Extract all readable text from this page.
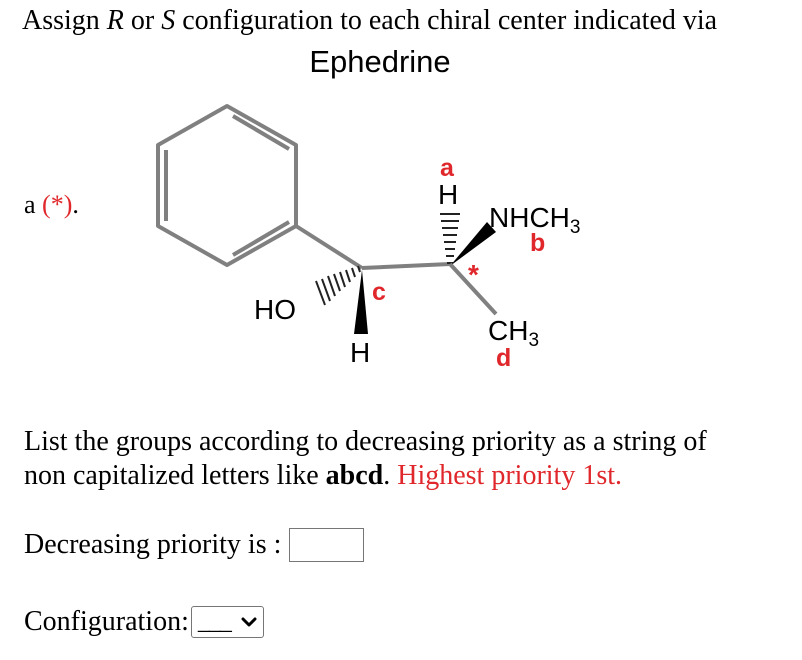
Assign R or S configuration to each chiral center indicated via
Ephedrine
a (*).	H
$NHCH_3$
$CH_3$
HO
H
a
b
c
d
*
List the groups according to decreasing priority as a string of
non capitalized letters like abcd. Highest priority 1st.
Decreasing priority is :
Configuration: ___
